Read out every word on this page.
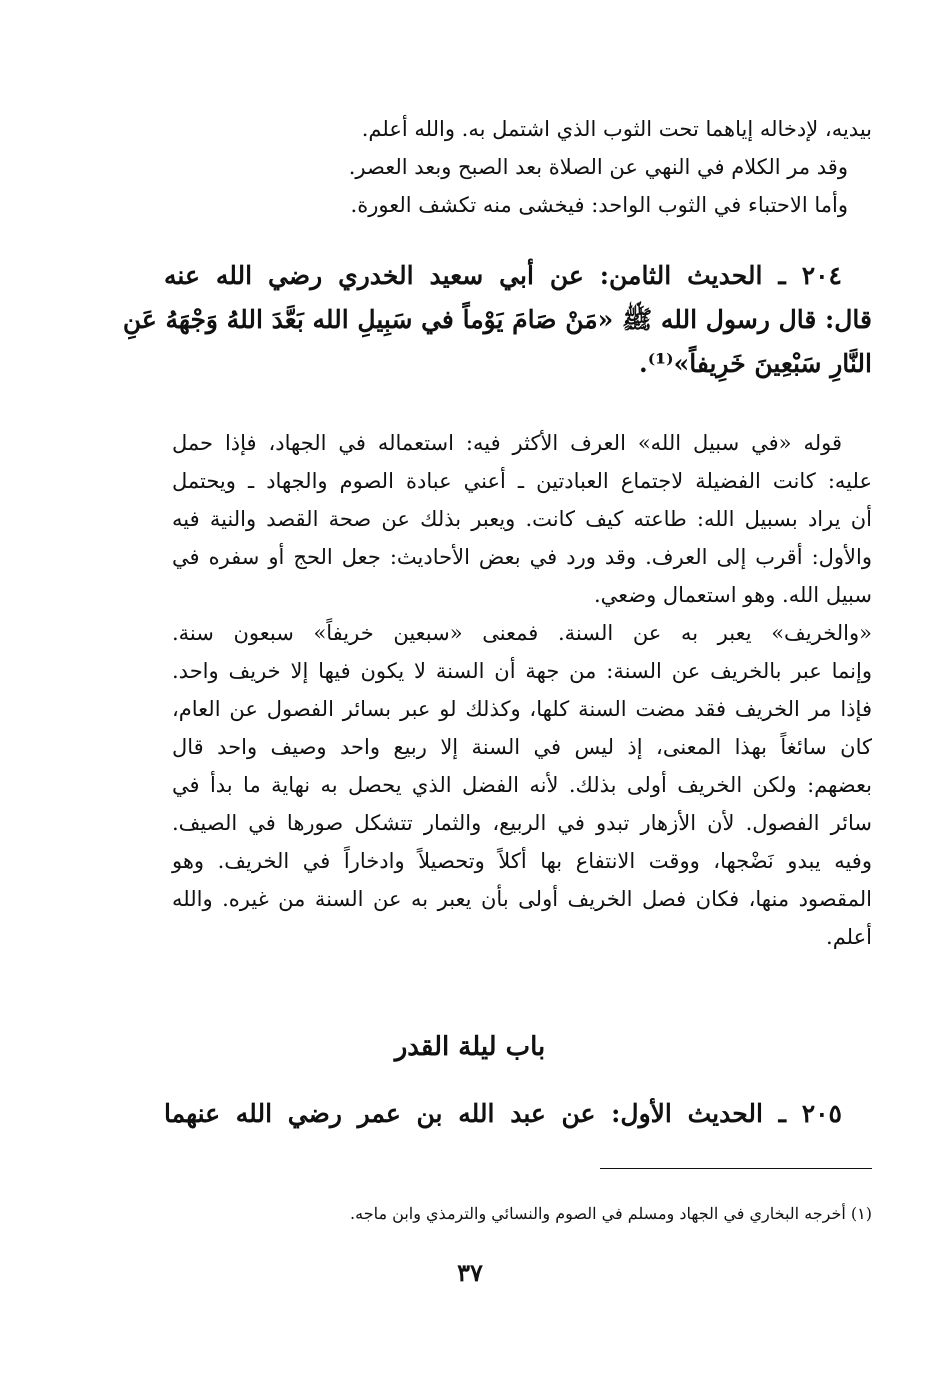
بيديه، لإدخاله إياهما تحت الثوب الذي اشتمل به. والله أعلم.
وقد مر الكلام في النهي عن الصلاة بعد الصبح وبعد العصر.
وأما الاحتباء في الثوب الواحد: فيخشى منه تكشف العورة.
٢٠٤ ـ الحديث الثامن: عن أبي سعيد الخدري رضي الله عنه
قال: قال رسول الله ﷺ «مَنْ صَامَ يَوْماً في سَبِيلِ الله بَعَّدَ اللهُ وَجْهَهُ عَنِ
النَّارِ سَبْعِينَ خَرِيفاً»⁽¹⁾.
قوله «في سبيل الله» العرف الأكثر فيه: استعماله في الجهاد، فإذا حمل
عليه: كانت الفضيلة لاجتماع العبادتين ـ أعني عبادة الصوم والجهاد ـ ويحتمل
أن يراد بسبيل الله: طاعته كيف كانت. ويعبر بذلك عن صحة القصد والنية فيه
والأول: أقرب إلى العرف. وقد ورد في بعض الأحاديث: جعل الحج أو سفره في
سبيل الله. وهو استعمال وضعي.
«والخريف» يعبر به عن السنة. فمعنى «سبعين خريفاً» سبعون سنة.
وإنما عبر بالخريف عن السنة: من جهة أن السنة لا يكون فيها إلا خريف واحد.
فإذا مر الخريف فقد مضت السنة كلها، وكذلك لو عبر بسائر الفصول عن العام،
كان سائغاً بهذا المعنى، إذ ليس في السنة إلا ربيع واحد وصيف واحد قال
بعضهم: ولكن الخريف أولى بذلك. لأنه الفضل الذي يحصل به نهاية ما بدأ في
سائر الفصول. لأن الأزهار تبدو في الربيع، والثمار تتشكل صورها في الصيف.
وفيه يبدو نَضْجها، ووقت الانتفاع بها أكلاً وتحصيلاً وادخاراً في الخريف. وهو
المقصود منها، فكان فصل الخريف أولى بأن يعبر به عن السنة من غيره. والله
أعلم.
باب ليلة القدر
٢٠٥ ـ الحديث الأول: عن عبد الله بن عمر رضي الله عنهما
(١) أخرجه البخاري في الجهاد ومسلم في الصوم والنسائي والترمذي وابن ماجه.
٣٧
